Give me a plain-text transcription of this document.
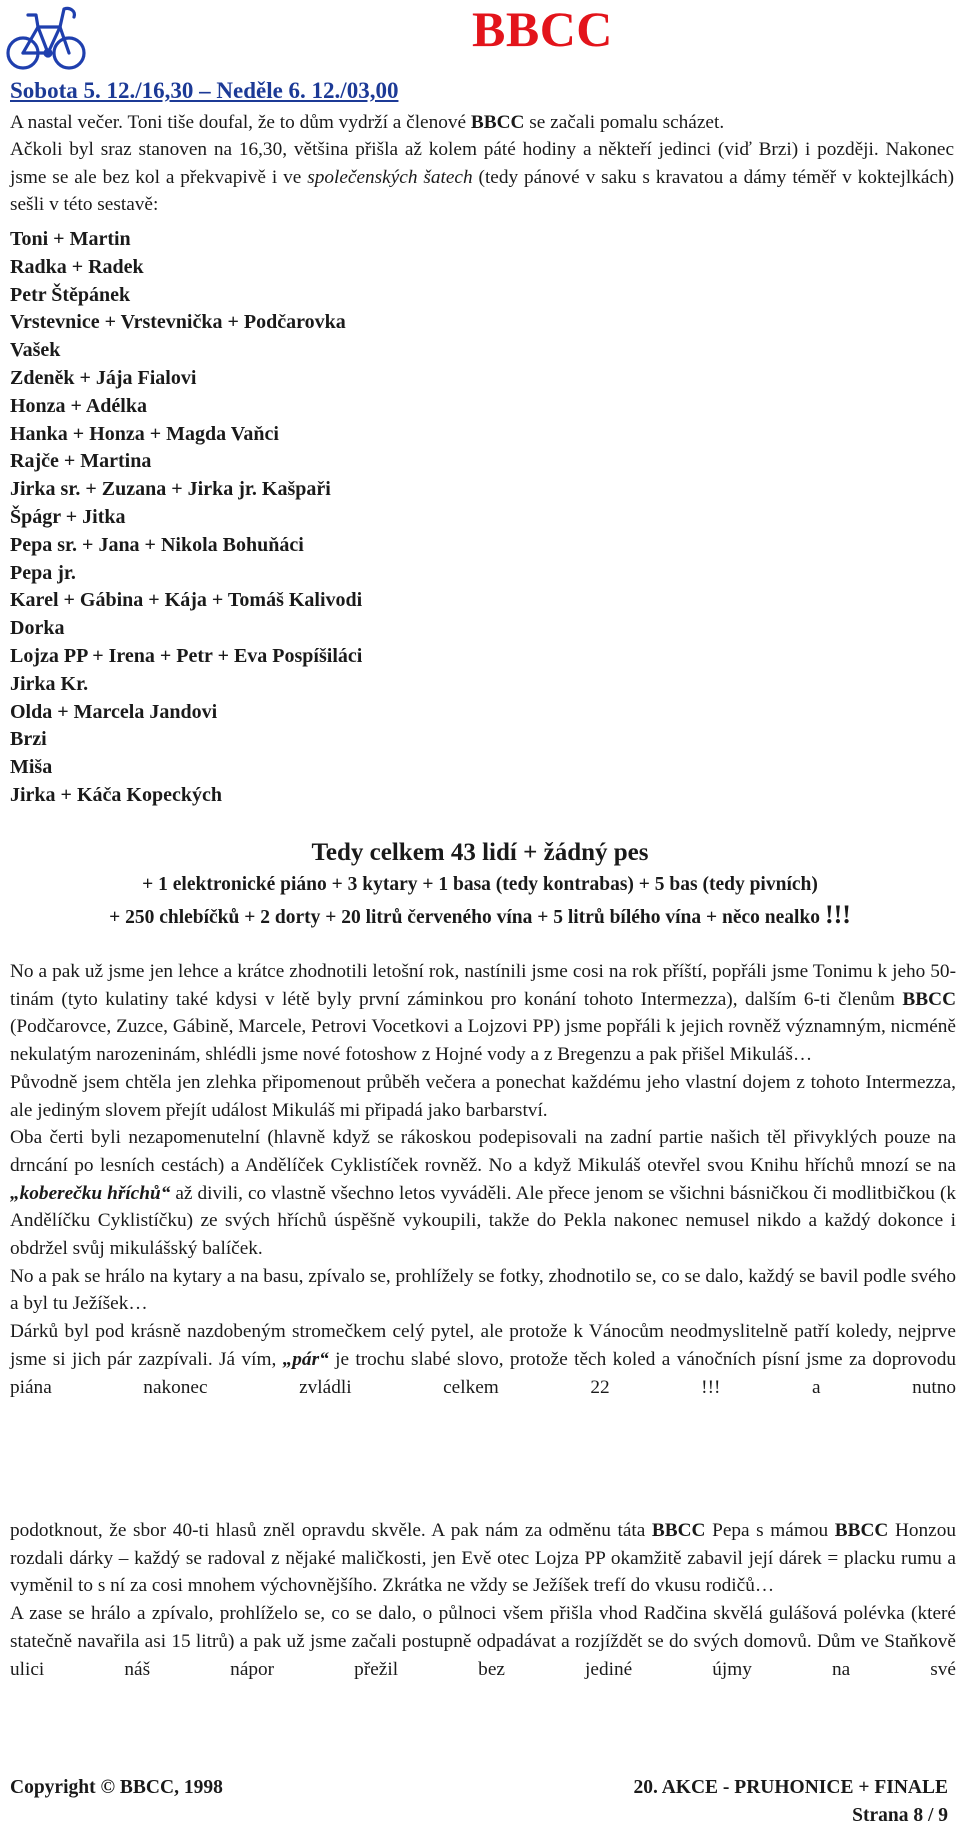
BBCC
Sobota 5. 12./16,30 – Neděle 6. 12./03,00

A nastal večer. Toni tiše doufal, že to dům vydrží a členové BBCC se začali pomalu scházet.

Ačkoli byl sraz stanoven na 16,30, většina přišla až kolem páté hodiny a někteří jedinci (viď Brzi) i později. Nakonec jsme se ale bez kol a překvapivě i ve společenských šatech (tedy pánové v saku s kravatou a dámy téměř v koktejlkách) sešli v této sestavě:

Toni + Martin
Radka + Radek
Petr Štěpánek
Vrstevnice + Vrstevnička + Podčarovka
Vašek
Zdeněk + Jája Fialovi
Honza + Adélka
Hanka + Honza + Magda Vaňci
Rajče + Martina
Jirka sr. + Zuzana + Jirka jr. Kašpaři
Špágr + Jitka
Pepa sr. + Jana + Nikola Bohuňáci
Pepa jr.
Karel + Gábina + Kája + Tomáš Kalivodi
Dorka
Lojza PP + Irena + Petr + Eva Pospíšiláci
Jirka Kr.
Olda + Marcela Jandovi
Brzi
Miša
Jirka + Káča Kopeckých
Tedy celkem 43 lidí + žádný pes
+ 1 elektronické piáno + 3 kytary + 1 basa (tedy kontrabas) + 5 bas (tedy pivních)
+ 250 chlebíčků + 2 dorty + 20 litrů červeného vína + 5 litrů bílého vína + něco nealko !!!

No a pak už jsme jen lehce a krátce zhodnotili letošní rok, nastínili jsme cosi na rok příští, popřáli jsme Tonimu k jeho 50-tinám (tyto kulatiny také kdysi v létě byly první záminkou pro konání tohoto Intermezza), dalším 6-ti členům BBCC (Podčarovce, Zuzce, Gábině, Marcele, Petrovi Vocetkovi a Lojzovi PP) jsme popřáli k jejich rovněž významným, nicméně nekulatým narozeninám, shlédli jsme nové fotoshow z Hojné vody a z Bregenzu a pak přišel Mikuláš…

Původně jsem chtěla jen zlehka připomenout průběh večera a ponechat každému jeho vlastní dojem z tohoto Intermezza, ale jediným slovem přejít událost Mikuláš mi připadá jako barbarství.

Oba čerti byli nezapomenutelní (hlavně když se rákoskou podepisovali na zadní partie našich těl přivyklých pouze na drncání po lesních cestách) a Andělíček Cyklistíček rovněž. No a když Mikuláš otevřel svou Knihu hříchů mnozí se na „koberečku hříchů“ až divili, co vlastně všechno letos vyváděli. Ale přece jenom se všichni básničkou či modlitbičkou (k Andělíčku Cyklistíčku) ze svých hříchů úspěšně vykoupili, takže do Pekla nakonec nemusel nikdo a každý dokonce i obdržel svůj mikulášský balíček.

No a pak se hrálo na kytary a na basu, zpívalo se, prohlížely se fotky, zhodnotilo se, co se dalo, každý se bavil podle svého a byl tu Ježíšek…

Dárků byl pod krásně nazdobeným stromečkem celý pytel, ale protože k Vánocům neodmyslitelně patří koledy, nejprve jsme si jich pár zazpívali. Já vím, „pár“ je trochu slabé slovo, protože těch koled a vánočních písní jsme za doprovodu piána nakonec zvládli celkem 22 !!! a nutno

podotknout, že sbor 40-ti hlasů zněl opravdu skvěle. A pak nám za odměnu táta BBCC Pepa s mámou BBCC Honzou rozdali dárky – každý se radoval z nějaké maličkosti, jen Evě otec Lojza PP okamžitě zabavil její dárek = placku rumu a vyměnil to s ní za cosi mnohem výchovnějšího. Zkrátka ne vždy se Ježíšek trefí do vkusu rodičů…

A zase se hrálo a zpívalo, prohlíželo se, co se dalo, o půlnoci všem přišla vhod Radčina skvělá gulášová polévka (které statečně navařila asi 15 litrů) a pak už jsme začali postupně odpadávat a rozjíždět se do svých domovů. Dům ve Staňkově ulici náš nápor přežil bez jediné újmy na své

Copyright © BBCC, 1998	20. AKCE - PRUHONICE + FINALE
Strana 8 / 9
